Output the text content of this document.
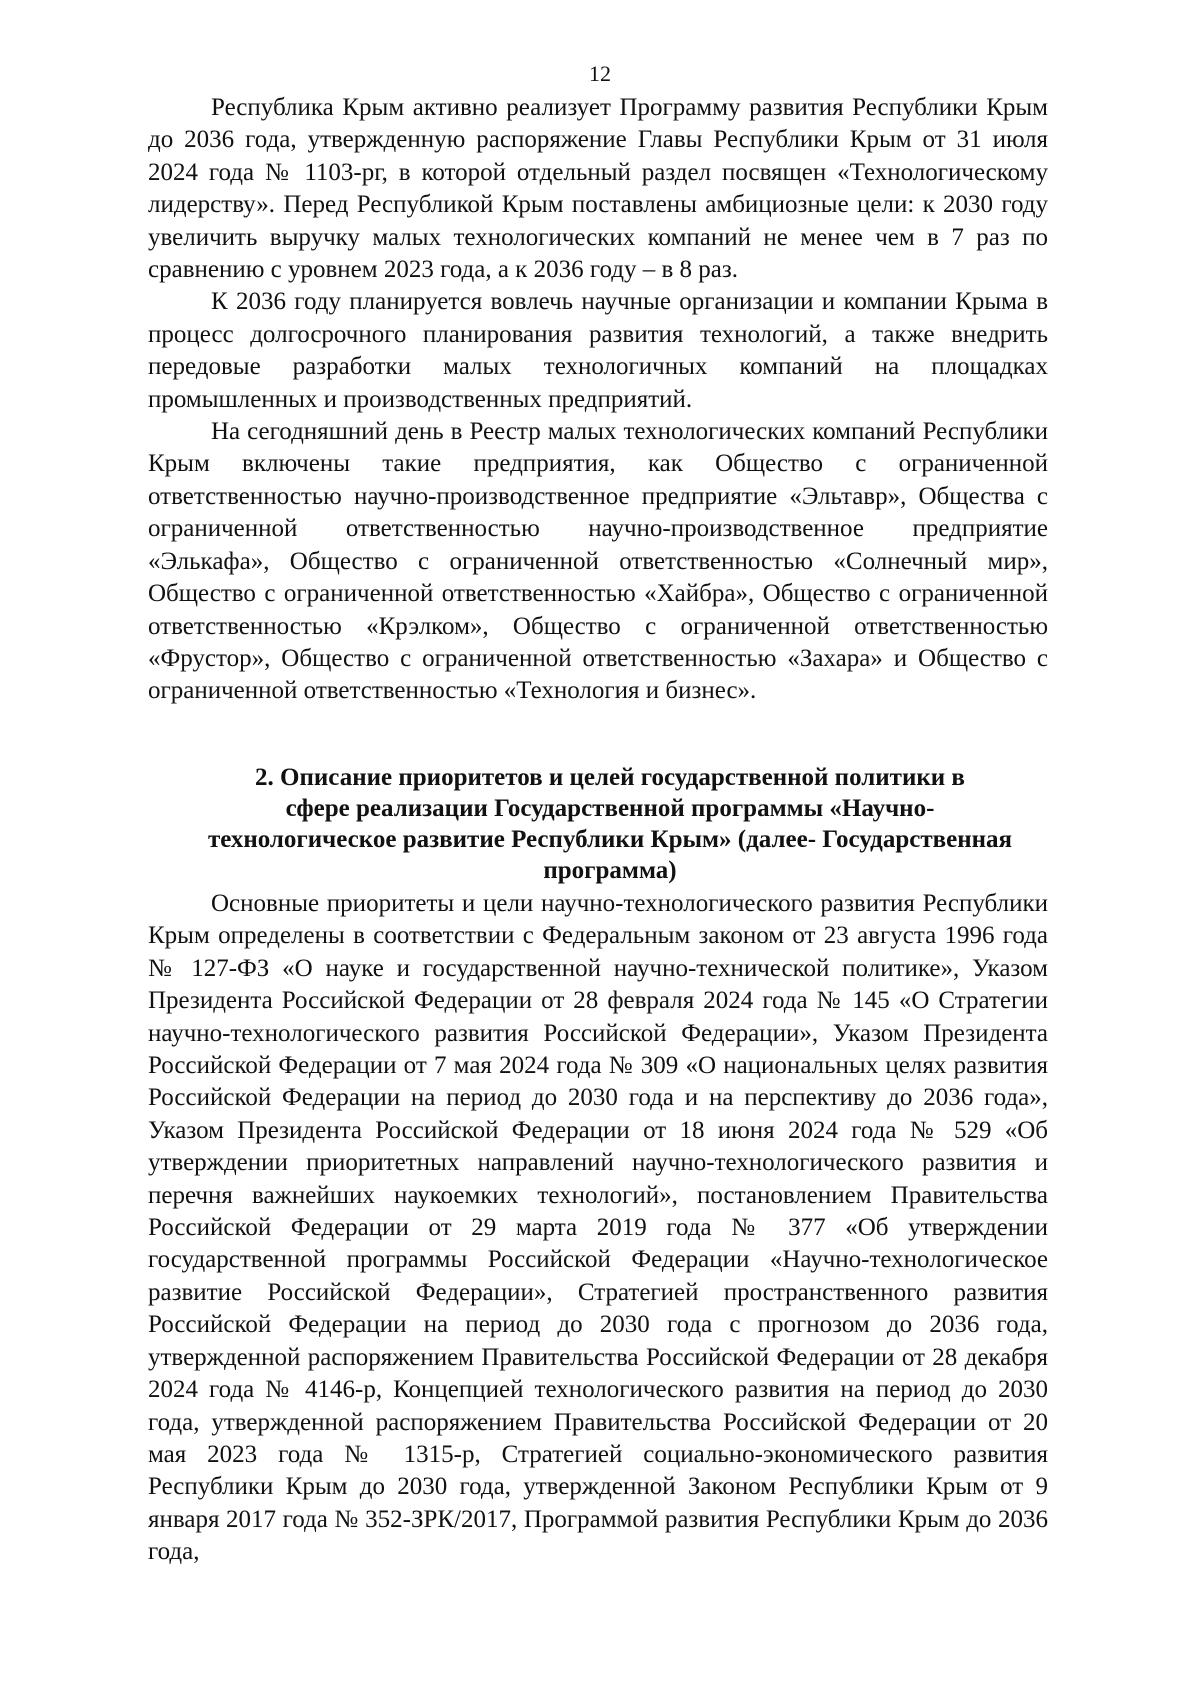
12

Республика Крым активно реализует Программу развития Республики Крым до 2036 года, утвержденную распоряжение Главы Республики Крым от 31 июля 2024 года № 1103-рг, в которой отдельный раздел посвящен «Технологическому лидерству». Перед Республикой Крым поставлены амбициозные цели: к 2030 году увеличить выручку малых технологических компаний не менее чем в 7 раз по сравнению с уровнем 2023 года, а к 2036 году – в 8 раз.

К 2036 году планируется вовлечь научные организации и компании Крыма в процесс долгосрочного планирования развития технологий, а также внедрить передовые разработки малых технологичных компаний на площадках промышленных и производственных предприятий.

На сегодняшний день в Реестр малых технологических компаний Республики Крым включены такие предприятия, как Общество с ограниченной ответственностью научно-производственное предприятие «Эльтавр», Общества с ограниченной ответственностью научно-производственное предприятие «Элькафа», Общество с ограниченной ответственностью «Солнечный мир», Общество с ограниченной ответственностью «Хайбра», Общество с ограниченной ответственностью «Крэлком», Общество с ограниченной ответственностью «Фрустор», Общество с ограниченной ответственностью «Захара» и Общество с ограниченной ответственностью «Технология и бизнес».

2. Описание приоритетов и целей государственной политики в
сфере реализации Государственной программы «Научно-
технологическое развитие Республики Крым» (далее- Государственная
программа)

Основные приоритеты и цели научно-технологического развития Республики Крым определены в соответствии с Федеральным законом от 23 августа 1996 года № 127-ФЗ «О науке и государственной научно-технической политике», Указом Президента Российской Федерации от 28 февраля 2024 года № 145 «О Стратегии научно-технологического развития Российской Федерации», Указом Президента Российской Федерации от 7 мая 2024 года № 309 «О национальных целях развития Российской Федерации на период до 2030 года и на перспективу до 2036 года», Указом Президента Российской Федерации от 18 июня 2024 года № 529 «Об утверждении приоритетных направлений научно-технологического развития и перечня важнейших наукоемких технологий», постановлением Правительства Российской Федерации от 29 марта 2019 года № 377 «Об утверждении государственной программы Российской Федерации «Научно-технологическое развитие Российской Федерации», Стратегией пространственного развития Российской Федерации на период до 2030 года с прогнозом до 2036 года, утвержденной распоряжением Правительства Российской Федерации от 28 декабря 2024 года № 4146-р, Концепцией технологического развития на период до 2030 года, утвержденной распоряжением Правительства Российской Федерации от 20 мая 2023 года № 1315-р, Стратегией социально-экономического развития Республики Крым до 2030 года, утвержденной Законом Республики Крым от 9 января 2017 года № 352-ЗРК/2017, Программой развития Республики Крым до 2036 года,
